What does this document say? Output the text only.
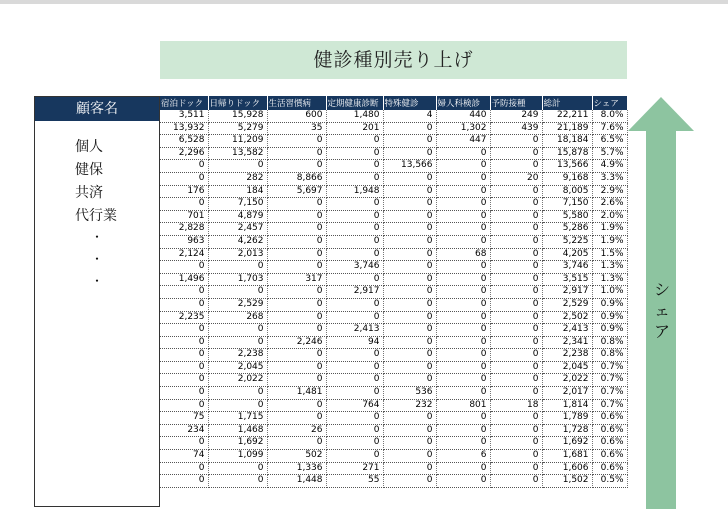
健診種別売り上げ
顧客名
個人
健保
共済
代行業
・
・
・
宿泊ドック	日帰りドック	生活習慣病	定期健康診断	特殊健診	婦人科検診	予防接種	総計	シェア
3,511	15,928	600	1,480	4	440	249	22,211	8.0%
13,932	5,279	35	201	0	1,302	439	21,189	7.6%
6,528	11,209	0	0	0	447	0	18,184	6.5%
2,296	13,582	0	0	0	0	0	15,878	5.7%
0	0	0	0	13,566	0	0	13,566	4.9%
0	282	8,866	0	0	0	20	9,168	3.3%
176	184	5,697	1,948	0	0	0	8,005	2.9%
0	7,150	0	0	0	0	0	7,150	2.6%
701	4,879	0	0	0	0	0	5,580	2.0%
2,828	2,457	0	0	0	0	0	5,286	1.9%
963	4,262	0	0	0	0	0	5,225	1.9%
2,124	2,013	0	0	0	68	0	4,205	1.5%
0	0	0	3,746	0	0	0	3,746	1.3%
1,496	1,703	317	0	0	0	0	3,515	1.3%
0	0	0	2,917	0	0	0	2,917	1.0%
0	2,529	0	0	0	0	0	2,529	0.9%
2,235	268	0	0	0	0	0	2,502	0.9%
0	0	0	2,413	0	0	0	2,413	0.9%
0	0	2,246	94	0	0	0	2,341	0.8%
0	2,238	0	0	0	0	0	2,238	0.8%
0	2,045	0	0	0	0	0	2,045	0.7%
0	2,022	0	0	0	0	0	2,022	0.7%
0	0	1,481	0	536	0	0	2,017	0.7%
0	0	0	764	232	801	18	1,814	0.7%
75	1,715	0	0	0	0	0	1,789	0.6%
234	1,468	26	0	0	0	0	1,728	0.6%
0	1,692	0	0	0	0	0	1,692	0.6%
74	1,099	502	0	0	6	0	1,681	0.6%
0	0	1,336	271	0	0	0	1,606	0.6%
0	0	1,448	55	0	0	0	1,502	0.5%
シ
ェ
ア
